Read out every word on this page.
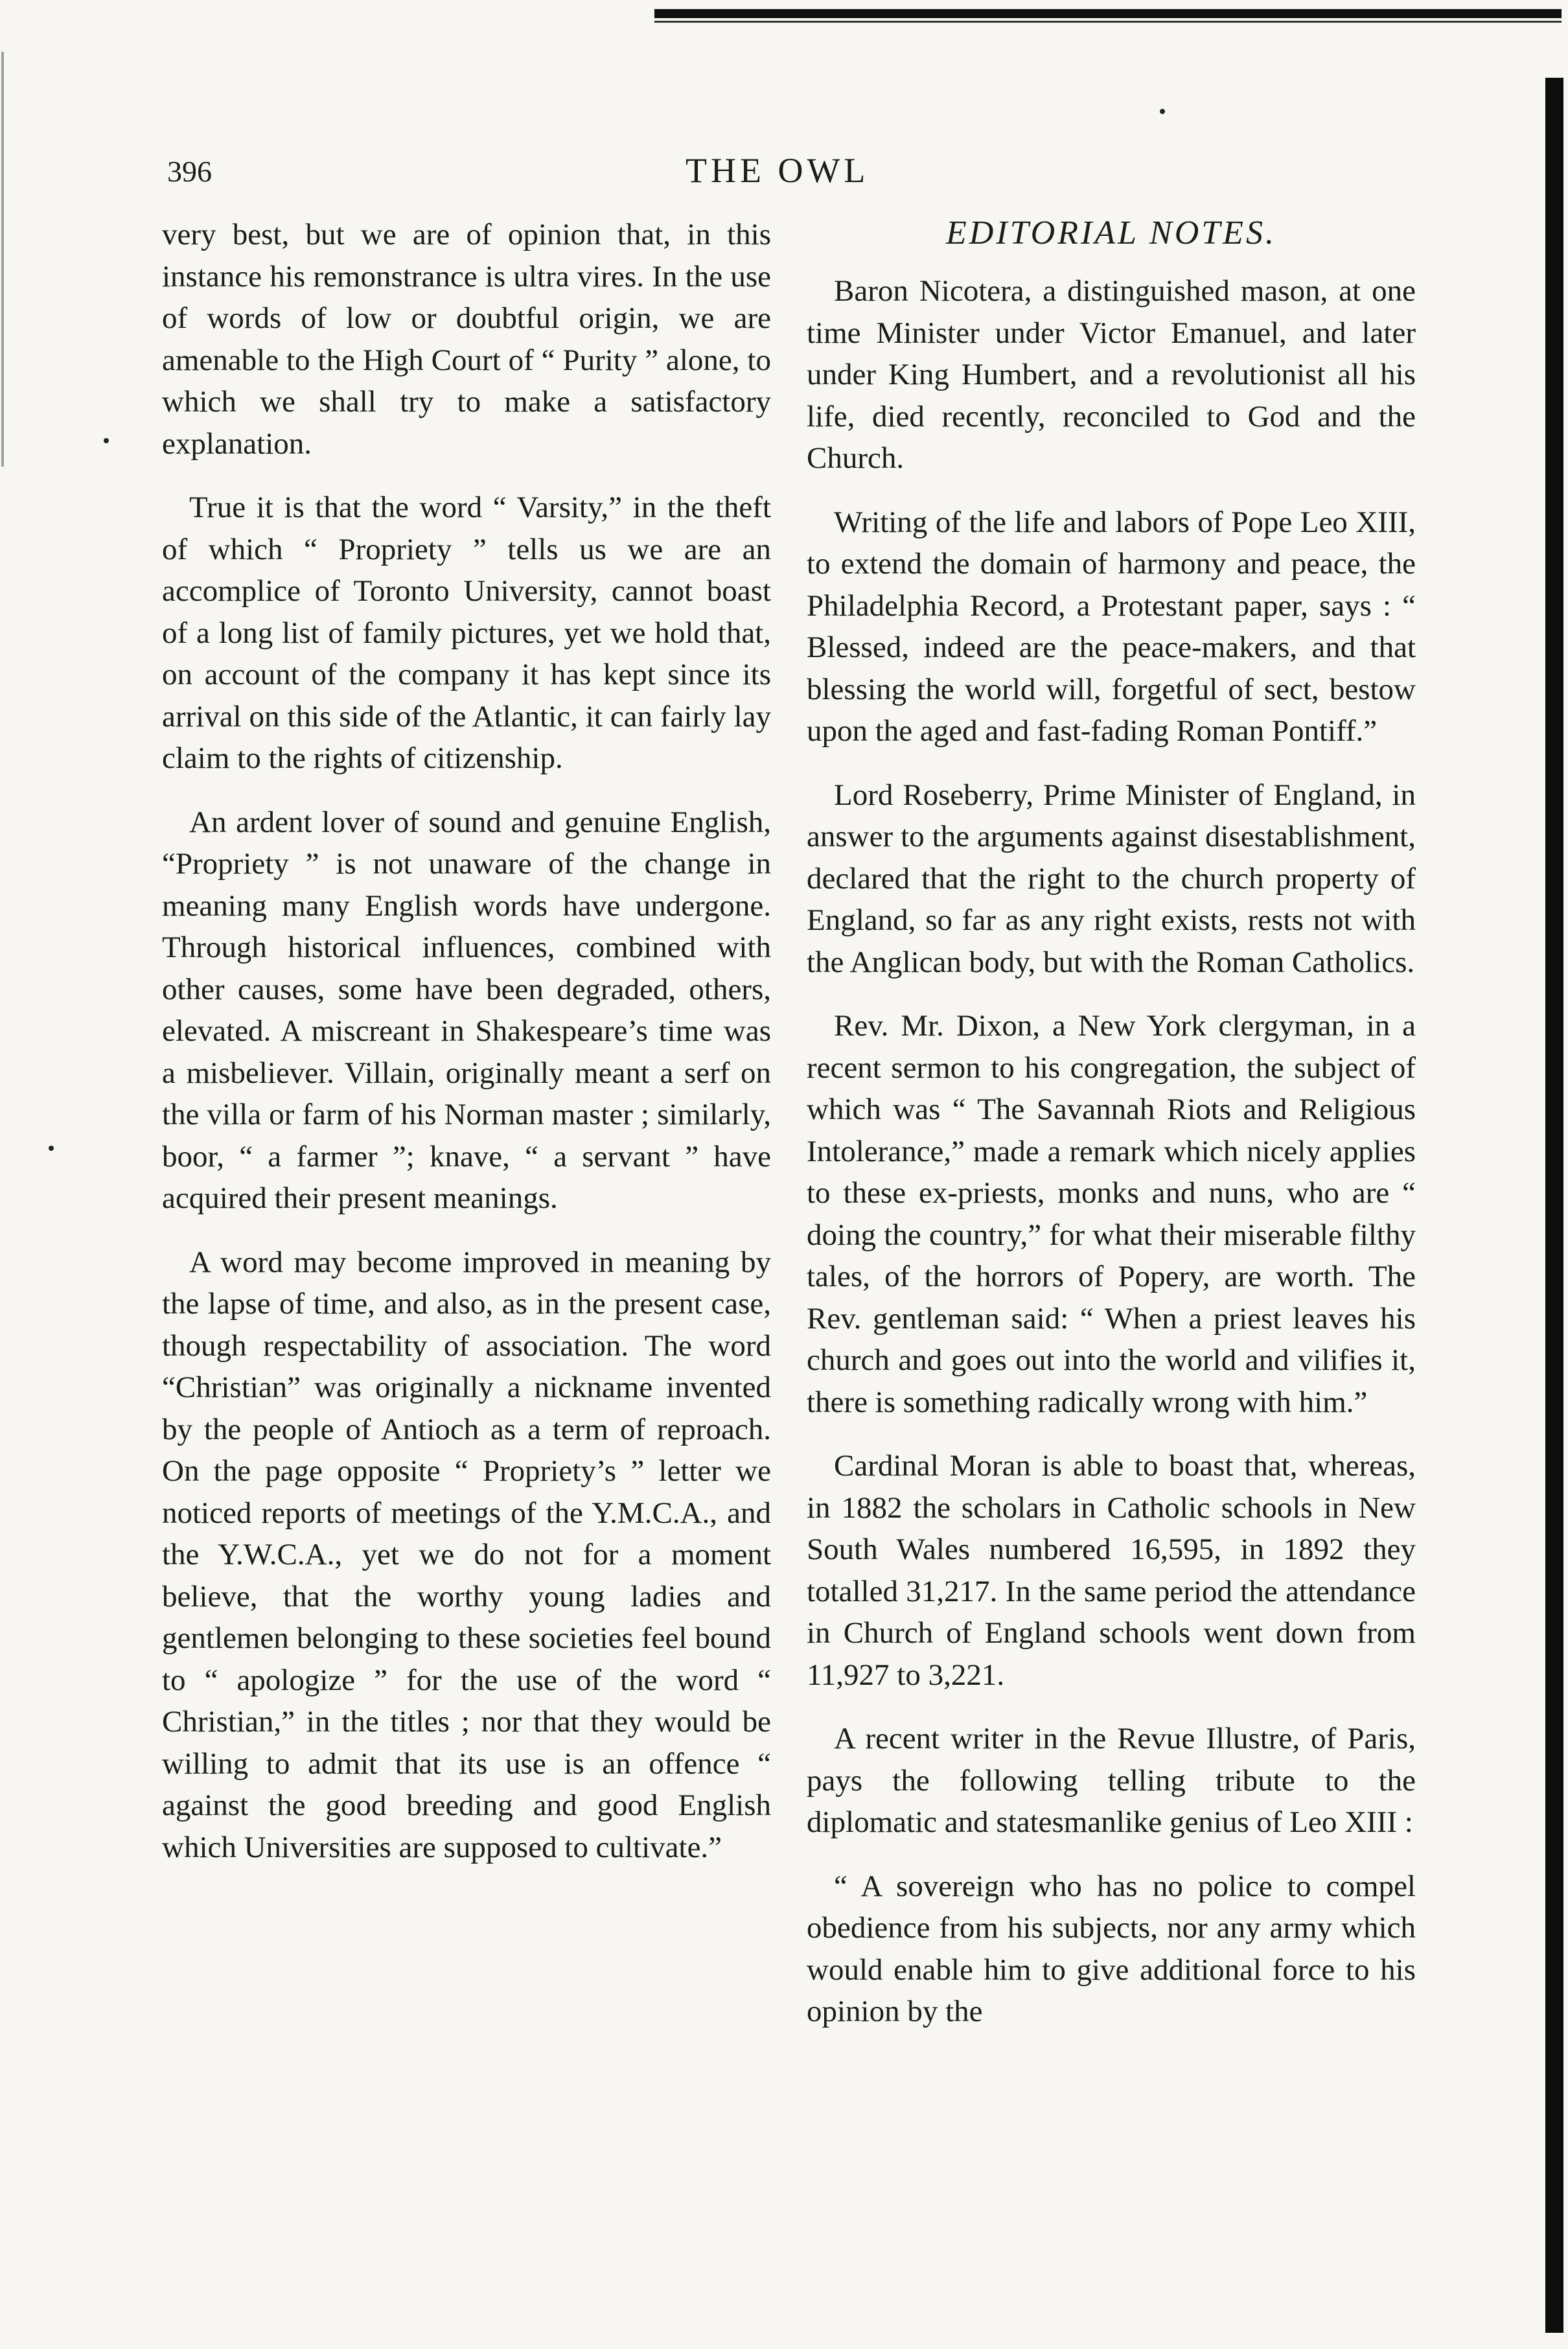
396	THE OWL

very best, but we are of opinion that, in this instance his remonstrance is ultra vires. In the use of words of low or doubtful origin, we are amenable to the High Court of “ Purity ” alone, to which we shall try to make a satisfactory explanation.

True it is that the word “ Varsity,” in the theft of which “ Propriety ” tells us we are an accomplice of Toronto University, cannot boast of a long list of family pictures, yet we hold that, on account of the company it has kept since its arrival on this side of the Atlantic, it can fairly lay claim to the rights of citizenship.

An ardent lover of sound and genuine English, “Propriety ” is not unaware of the change in meaning many English words have undergone. Through historical influences, combined with other causes, some have been degraded, others, elevated. A miscreant in Shakespeare’s time was a misbeliever. Villain, originally meant a serf on the villa or farm of his Norman master ; similarly, boor, “ a farmer ”; knave, “ a servant ” have acquired their present meanings.

A word may become improved in meaning by the lapse of time, and also, as in the present case, though respectability of association. The word “Christian” was originally a nickname invented by the people of Antioch as a term of reproach. On the page opposite “ Propriety’s ” letter we noticed reports of meetings of the Y.M.C.A., and the Y.W.C.A., yet we do not for a moment believe, that the worthy young ladies and gentlemen belonging to these societies feel bound to “ apologize ” for the use of the word “ Christian,” in the titles ; nor that they would be willing to admit that its use is an offence “ against the good breeding and good English which Universities are supposed to cultivate.”

EDITORIAL NOTES.

Baron Nicotera, a distinguished mason, at one time Minister under Victor Emanuel, and later under King Humbert, and a revolutionist all his life, died recently, reconciled to God and the Church.

Writing of the life and labors of Pope Leo XIII, to extend the domain of harmony and peace, the Philadelphia Record, a Protestant paper, says : “ Blessed, indeed are the peace-makers, and that blessing the world will, forgetful of sect, bestow upon the aged and fast-fading Roman Pontiff.”

Lord Roseberry, Prime Minister of England, in answer to the arguments against disestablishment, declared that the right to the church property of England, so far as any right exists, rests not with the Anglican body, but with the Roman Catholics.

Rev. Mr. Dixon, a New York clergyman, in a recent sermon to his congregation, the subject of which was “ The Savannah Riots and Religious Intolerance,” made a remark which nicely applies to these ex-priests, monks and nuns, who are “ doing the country,” for what their miserable filthy tales, of the horrors of Popery, are worth. The Rev. gentleman said: “ When a priest leaves his church and goes out into the world and vilifies it, there is something radically wrong with him.”

Cardinal Moran is able to boast that, whereas, in 1882 the scholars in Catholic schools in New South Wales numbered 16,595, in 1892 they totalled 31,217. In the same period the attendance in Church of England schools went down from 11,927 to 3,221.

A recent writer in the Revue Illustre, of Paris, pays the following telling tribute to the diplomatic and statesmanlike genius of Leo XIII :

“ A sovereign who has no police to compel obedience from his subjects, nor any army which would enable him to give additional force to his opinion by the
